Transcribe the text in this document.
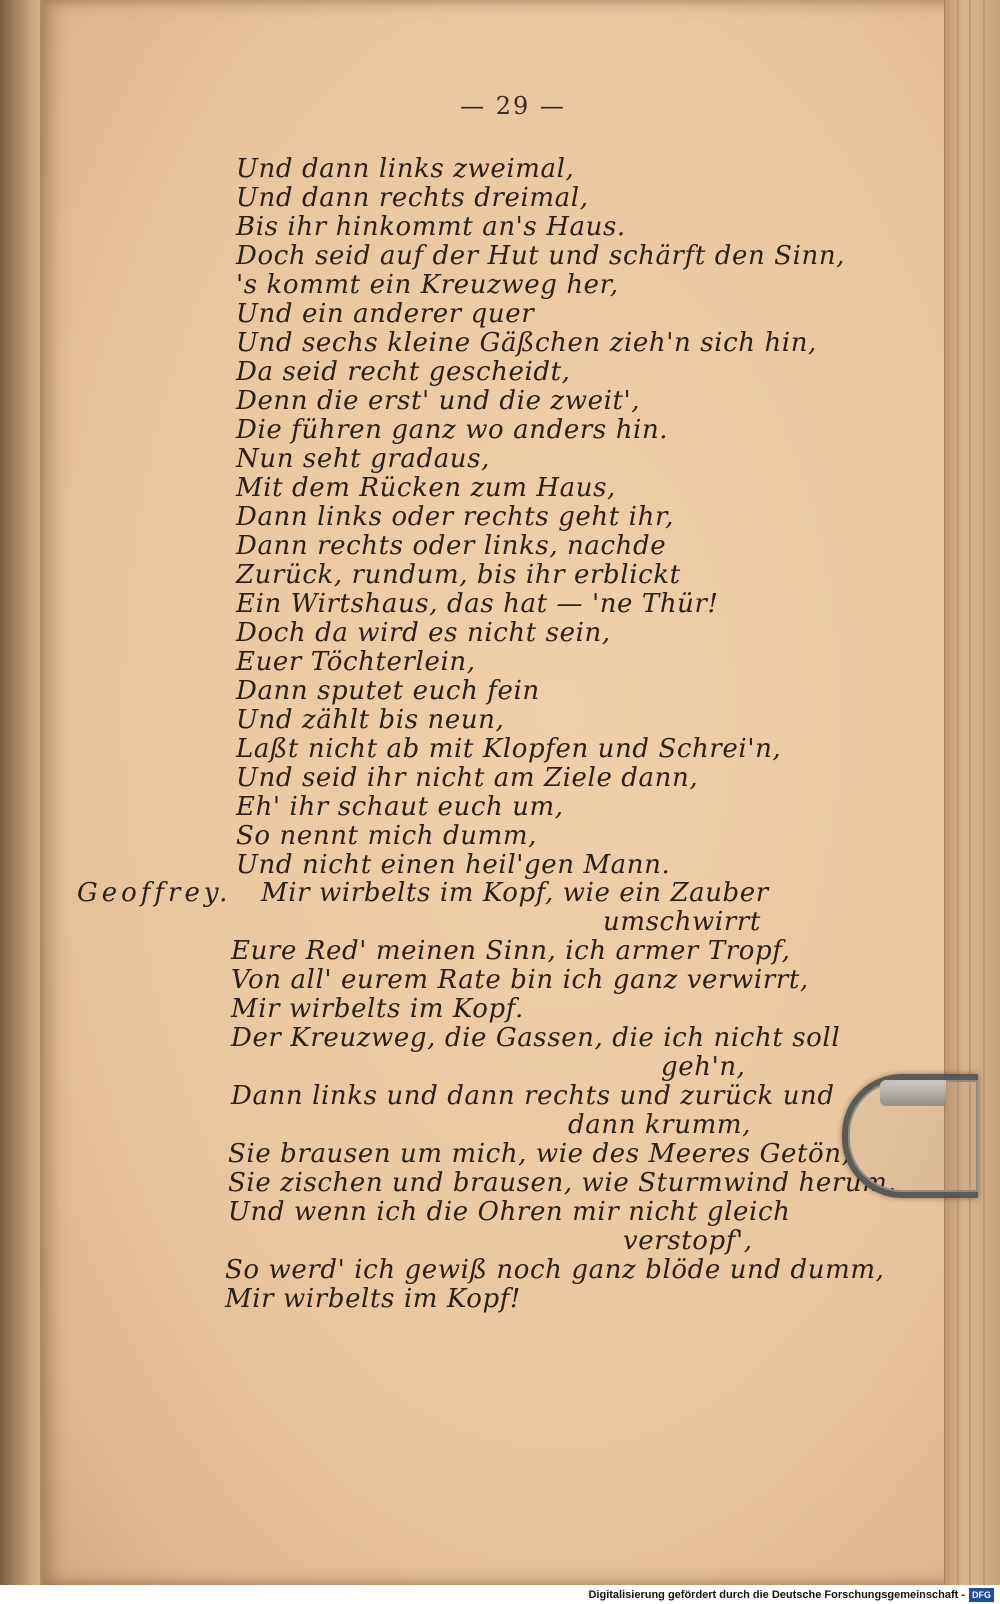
— 29 —
Und dann links zweimal,
Und dann rechts dreimal,
Bis ihr hinkommt an's Haus.
Doch seid auf der Hut und schärft den Sinn,
's kommt ein Kreuzweg her,
Und ein anderer quer
Und sechs kleine Gäßchen zieh'n sich hin,
Da seid recht gescheidt,
Denn die erst' und die zweit',
Die führen ganz wo anders hin.
Nun seht gradaus,
Mit dem Rücken zum Haus,
Dann links oder rechts geht ihr,
Dann rechts oder links, nachde
Zurück, rundum, bis ihr erblickt
Ein Wirtshaus, das hat — 'ne Thür!
Doch da wird es nicht sein,
Euer Töchterlein,
Dann sputet euch fein
Und zählt bis neun,
Laßt nicht ab mit Klopfen und Schrei'n,
Und seid ihr nicht am Ziele dann,
Eh' ihr schaut euch um,
So nennt mich dumm,
Und nicht einen heil'gen Mann.
Geoffrey. Mir wirbelts im Kopf, wie ein Zauber
umschwirrt
Eure Red' meinen Sinn, ich armer Tropf,
Von all' eurem Rate bin ich ganz verwirrt,
Mir wirbelts im Kopf.
Der Kreuzweg, die Gassen, die ich nicht soll
geh'n,
Dann links und dann rechts und zurück und
dann krumm,
Sie brausen um mich, wie des Meeres Getön,
Sie zischen und brausen, wie Sturmwind herum,
Und wenn ich die Ohren mir nicht gleich
verstopf',
So werd' ich gewiß noch ganz blöde und dumm,
Mir wirbelts im Kopf!
Digitalisierung gefördert durch die Deutsche Forschungsgemeinschaft - DFG
